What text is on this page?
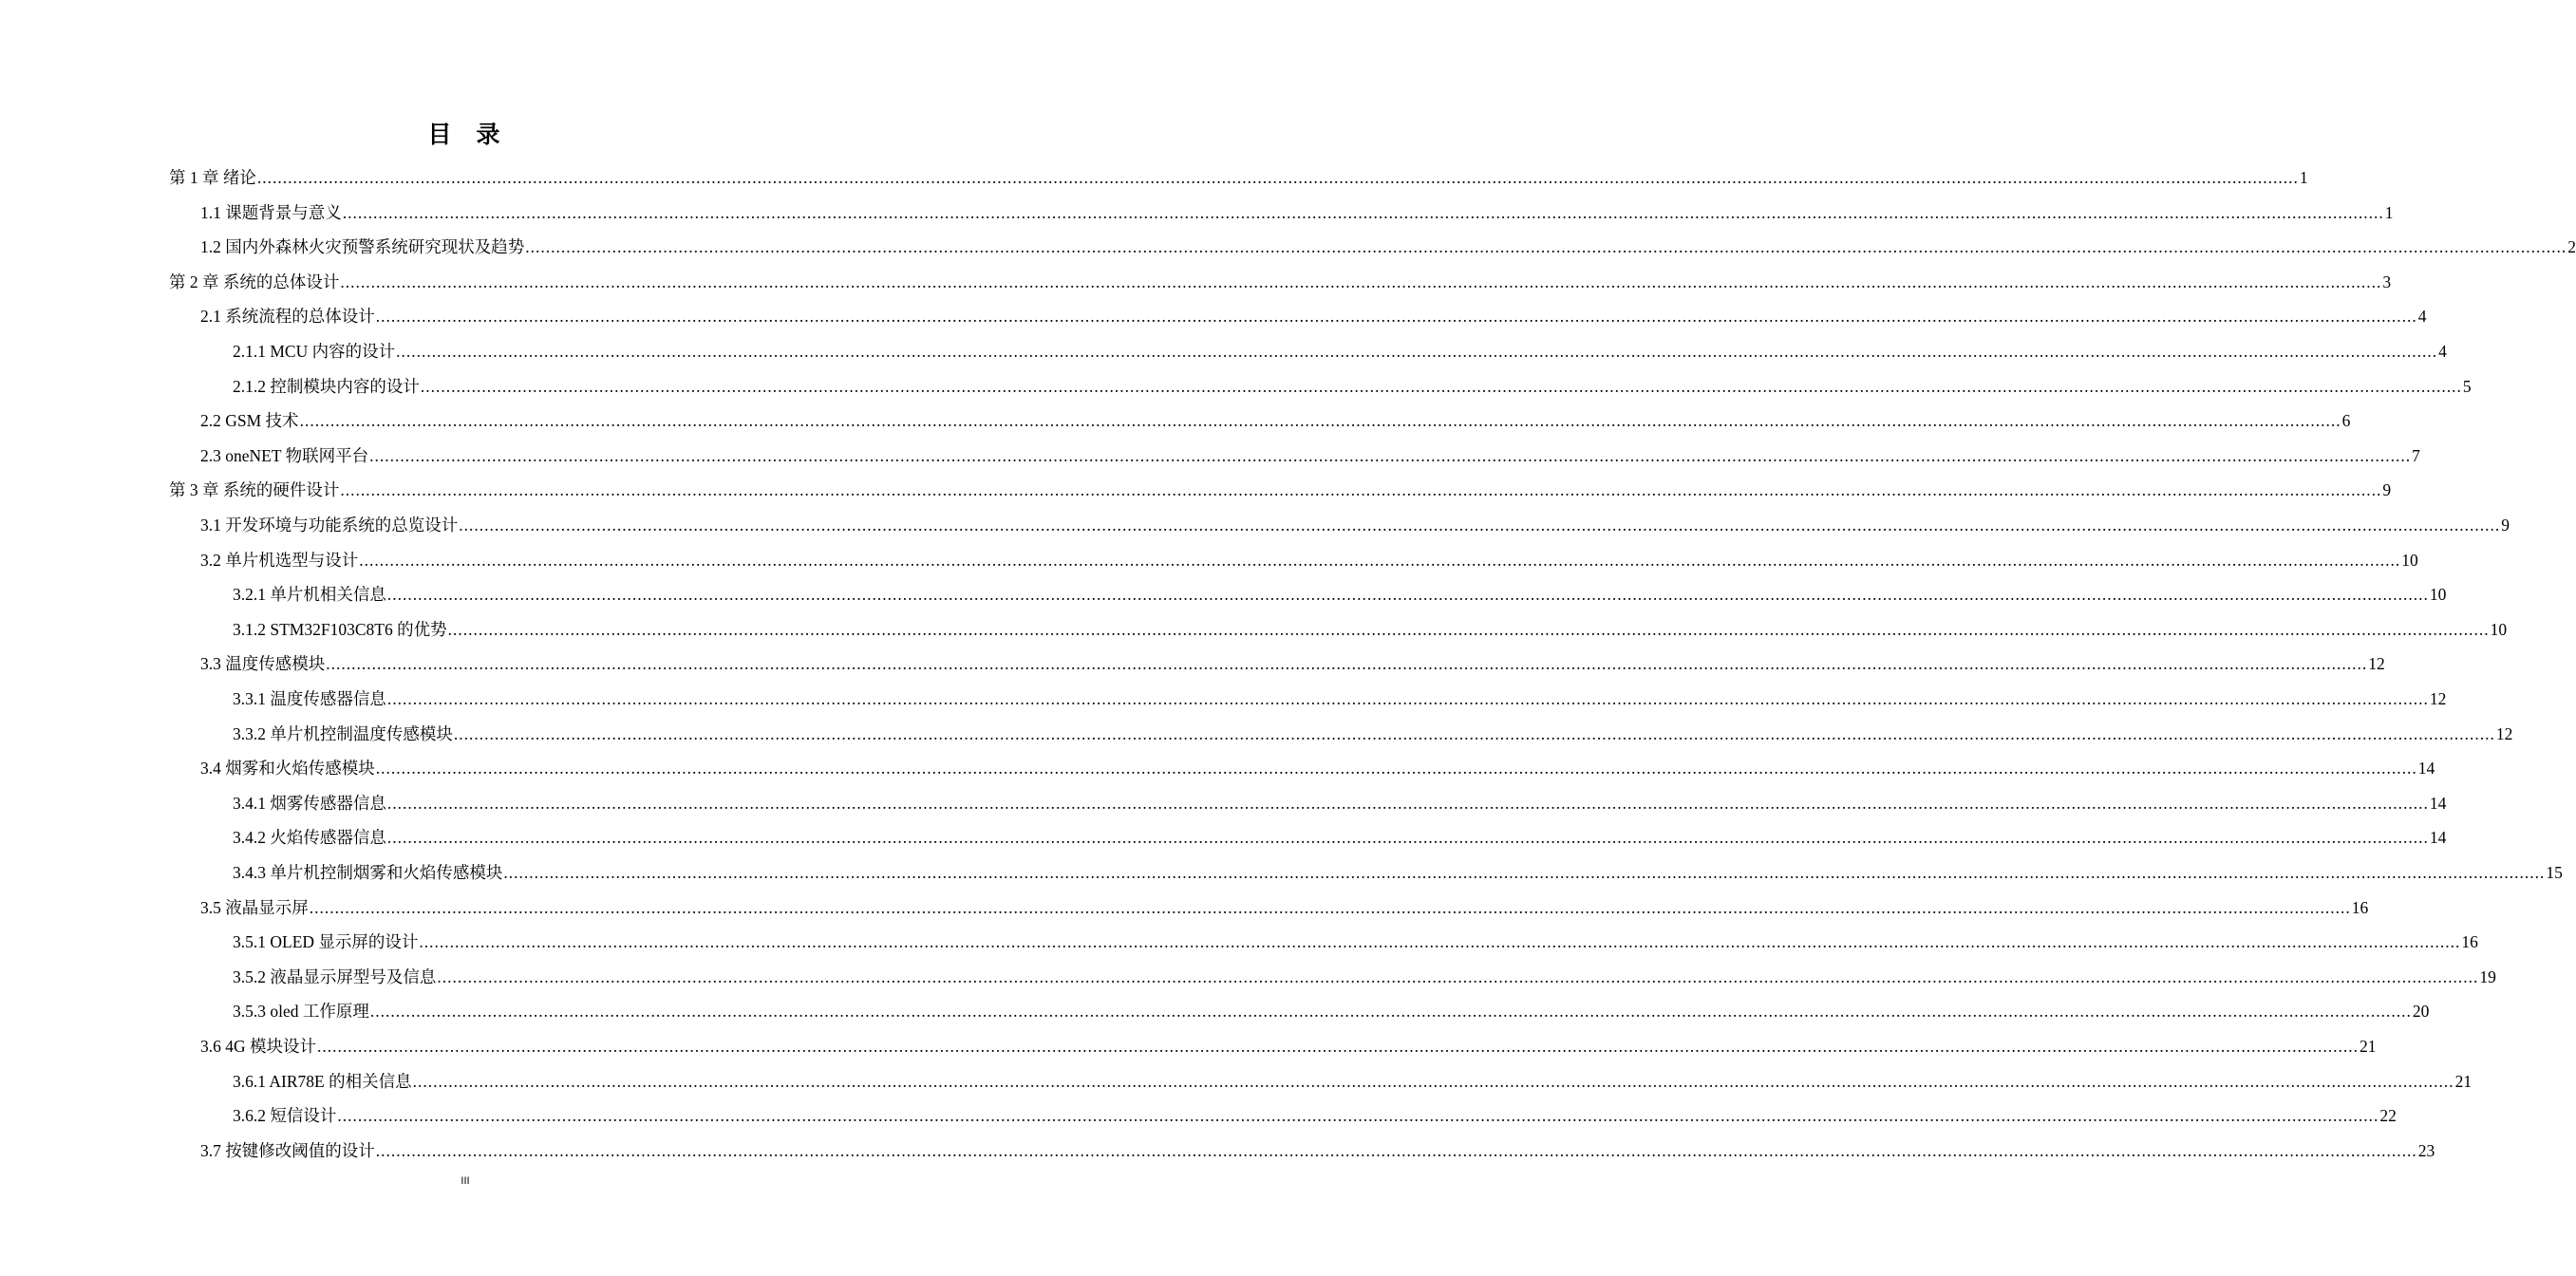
目录
第 1 章 绪论 ................................................................................................................................................................................................................................................................................................................................................................................................................ 1
1.1 课题背景与意义 ................................................................................................................................................................................................................................................................................................................................................................................................................ 1
1.2 国内外森林火灾预警系统研究现状及趋势 ................................................................................................................................................................................................................................................................................................................................................................................................................ 2
第 2 章 系统的总体设计 ................................................................................................................................................................................................................................................................................................................................................................................................................ 3
2.1 系统流程的总体设计 ................................................................................................................................................................................................................................................................................................................................................................................................................ 4
2.1.1 MCU 内容的设计 ................................................................................................................................................................................................................................................................................................................................................................................................................ 4
2.1.2 控制模块内容的设计 ................................................................................................................................................................................................................................................................................................................................................................................................................ 5
2.2 GSM 技术 ................................................................................................................................................................................................................................................................................................................................................................................................................ 6
2.3 oneNET 物联网平台 ................................................................................................................................................................................................................................................................................................................................................................................................................ 7
第 3 章 系统的硬件设计 ................................................................................................................................................................................................................................................................................................................................................................................................................ 9
3.1 开发环境与功能系统的总览设计 ................................................................................................................................................................................................................................................................................................................................................................................................................ 9
3.2 单片机选型与设计 ................................................................................................................................................................................................................................................................................................................................................................................................................ 10
3.2.1 单片机相关信息 ................................................................................................................................................................................................................................................................................................................................................................................................................ 10
3.1.2 STM32F103C8T6 的优势 ................................................................................................................................................................................................................................................................................................................................................................................................................ 10
3.3 温度传感模块 ................................................................................................................................................................................................................................................................................................................................................................................................................ 12
3.3.1 温度传感器信息 ................................................................................................................................................................................................................................................................................................................................................................................................................ 12
3.3.2 单片机控制温度传感模块 ................................................................................................................................................................................................................................................................................................................................................................................................................ 12
3.4 烟雾和火焰传感模块 ................................................................................................................................................................................................................................................................................................................................................................................................................ 14
3.4.1 烟雾传感器信息 ................................................................................................................................................................................................................................................................................................................................................................................................................ 14
3.4.2 火焰传感器信息 ................................................................................................................................................................................................................................................................................................................................................................................................................ 14
3.4.3 单片机控制烟雾和火焰传感模块 ................................................................................................................................................................................................................................................................................................................................................................................................................ 15
3.5 液晶显示屏 ................................................................................................................................................................................................................................................................................................................................................................................................................ 16
3.5.1 OLED 显示屏的设计 ................................................................................................................................................................................................................................................................................................................................................................................................................ 16
3.5.2 液晶显示屏型号及信息 ................................................................................................................................................................................................................................................................................................................................................................................................................ 19
3.5.3 oled 工作原理 ................................................................................................................................................................................................................................................................................................................................................................................................................ 20
3.6 4G 模块设计 ................................................................................................................................................................................................................................................................................................................................................................................................................ 21
3.6.1 AIR78E 的相关信息 ................................................................................................................................................................................................................................................................................................................................................................................................................ 21
3.6.2 短信设计 ................................................................................................................................................................................................................................................................................................................................................................................................................ 22
3.7 按键修改阈值的设计 ................................................................................................................................................................................................................................................................................................................................................................................................................ 23
III
